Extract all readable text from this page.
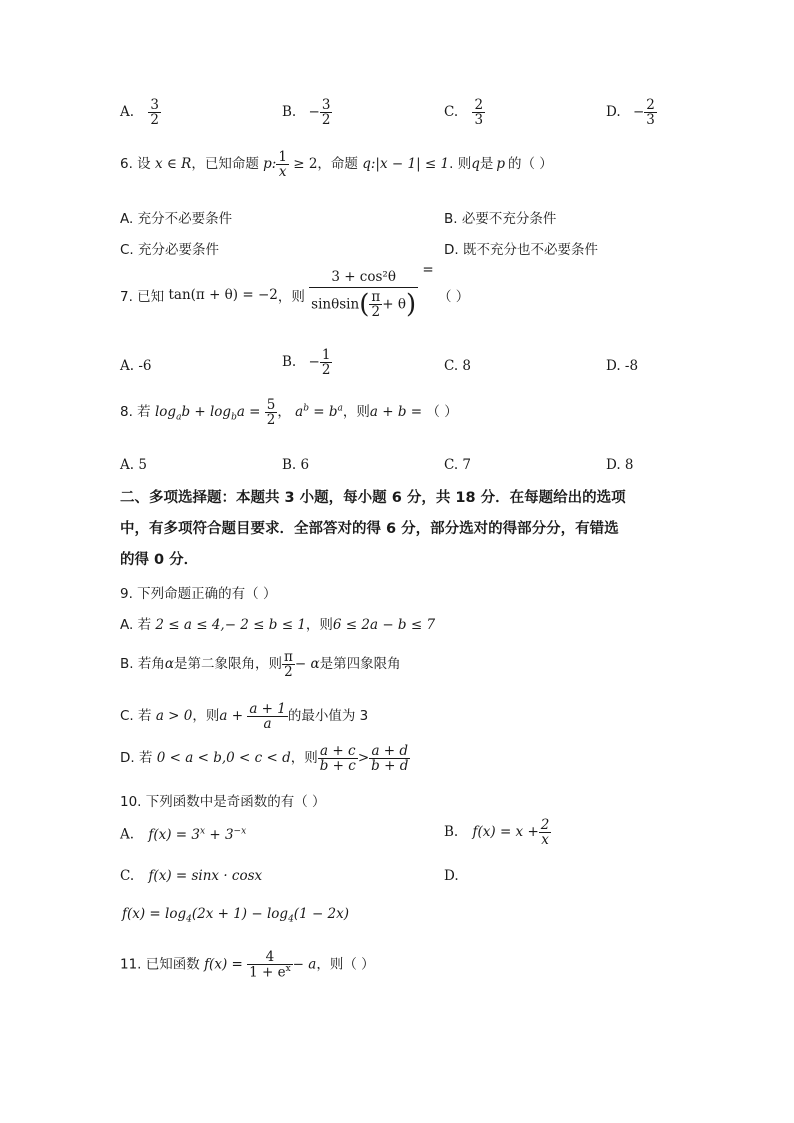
A. $\frac{3}{2}$	B. − $\frac{3}{2}$	C. $\frac{2}{3}$	D. − $\frac{2}{3}$
6. 设 x ∈ R，已知命题 p: $\frac{1}{x} \ge 2$，命题 q:|x − 1| ≤ 1. 则q是 p 的（ ）
A. 充分不必要条件	B. 必要不充分条件
C. 充分必要条件	D. 既不充分也不必要条件
7. 已知 tan(π + θ) = −2，则 $\frac{\text{3 + cos²θ}}{\sin\theta\sin( \frac{\pi}{2} + \theta)}$ = （ ）
A. -6	B. − $\frac{1}{2}$	C. 8	D. -8
8. 若 $\log_ab + \log_ba = \frac{5}{2}$ ， $a^b = b^a$，则a + b = （ ）
A. 5	B. 6	C. 7	D. 8
二、多项选择题：本题共 3 小题，每小题 6 分，共 18 分．在每题给出的选项
中，有多项符合题目要求．全部答对的得 6 分，部分选对的得部分分，有错选
的得 0 分．
9. 下列命题正确的有（ ）
A. 若 2 ≤ a ≤ 4,− 2 ≤ b ≤ 1，则6 ≤ 2a − b ≤ 7
B. 若角α是第二象限角，则 $\frac{\pi}{2} - \alpha$是第四象限角
C. 若 a > 0，则$a + \frac{a + 1}{a}$ 的最小值为 3
D. 若 0 < a < b,0 < c < d，则 $\frac{a + c}{b + c} > \frac{a + d}{b + d}$
10. 下列函数中是奇函数的有（ ）
A. $f(x) = 3^x + 3^{-x}$	B. $f(x) = x + \frac{2}{x}$
C. f(x) = sinx · cosx	D.
$f(x) = \log_4(2x + 1) - \log_4(1 - 2x)$
11. 已知函数 $f(x) = \frac{4}{1 + e^x} - a$，则（ ）
